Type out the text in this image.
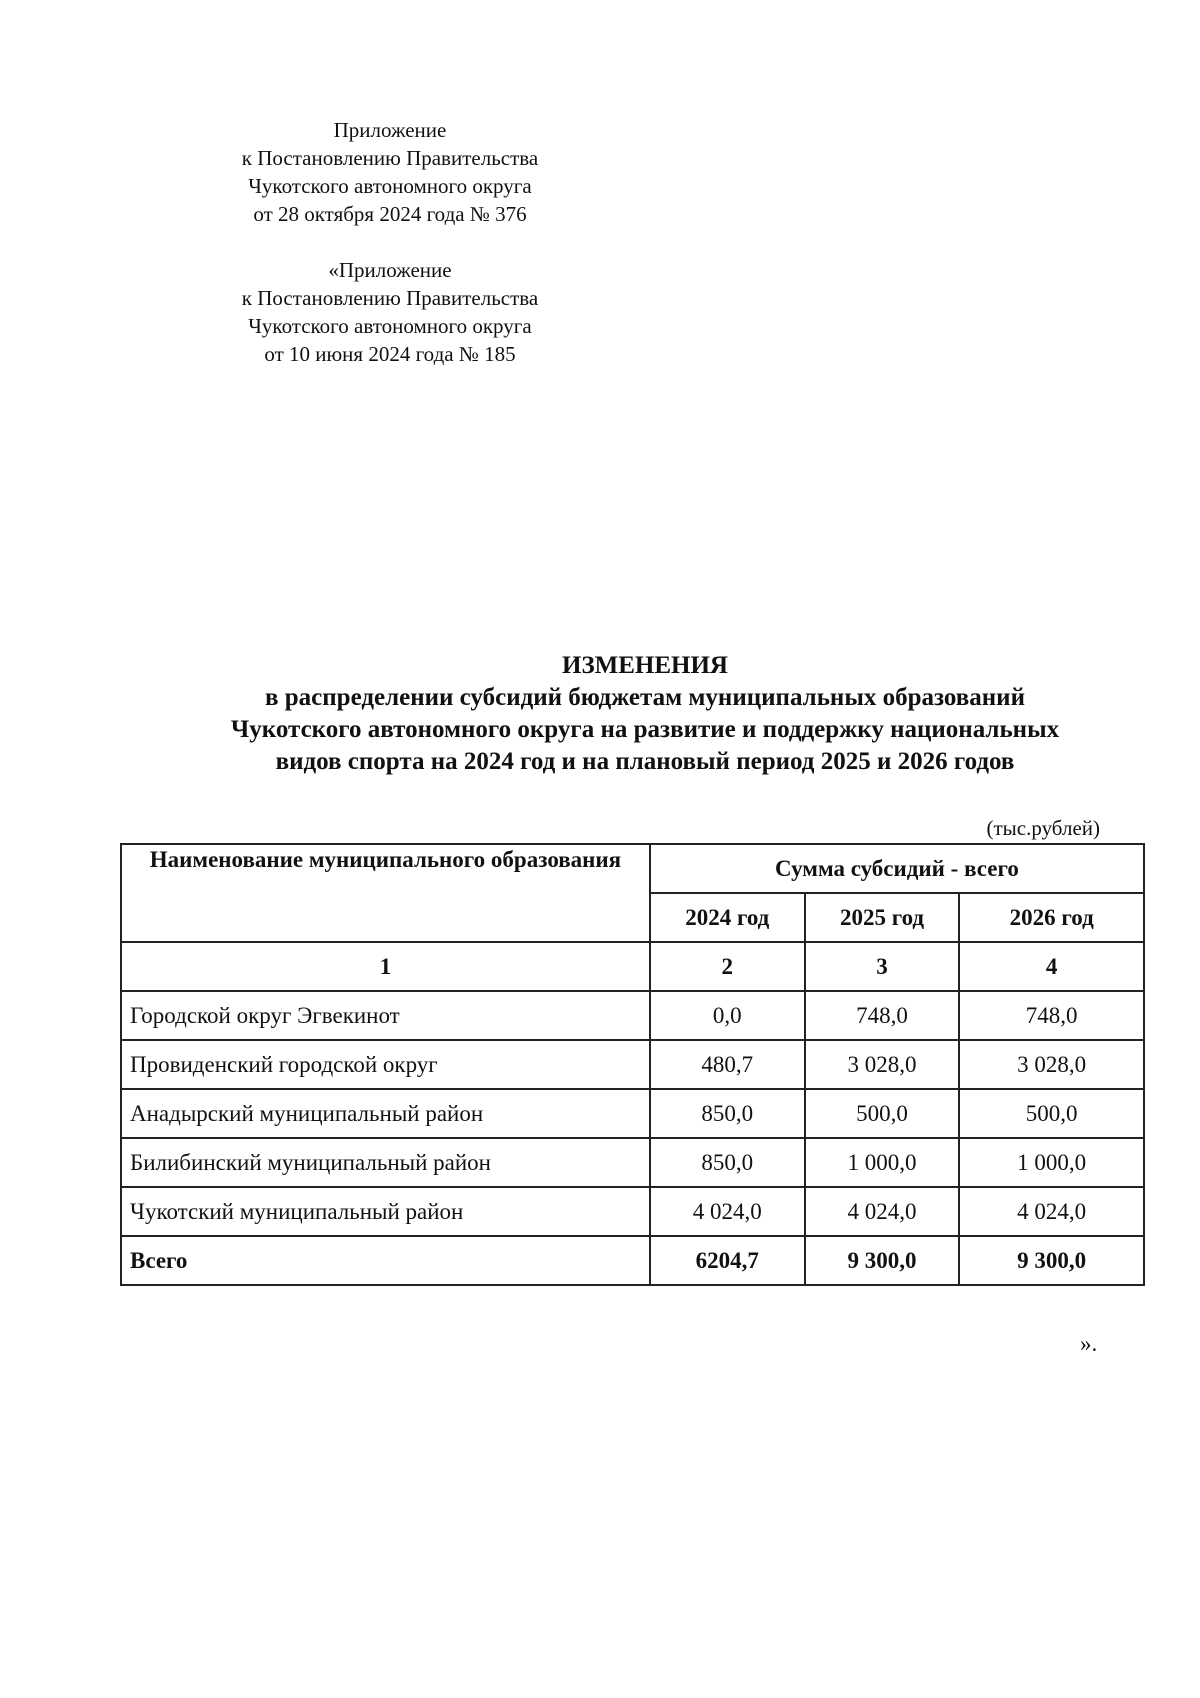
Приложение
к Постановлению Правительства
Чукотского автономного округа
от 28 октября 2024 года № 376
«Приложение
к Постановлению Правительства
Чукотского автономного округа
от 10 июня 2024 года № 185
ИЗМЕНЕНИЯ
в распределении субсидий бюджетам муниципальных образований
Чукотского автономного округа на развитие и поддержку национальных
видов спорта на 2024 год и на плановый период 2025 и 2026 годов
(тыс.рублей)
Наименование муниципального образования	Сумма субсидий - всего		
	2024 год	2025 год	2026 год
1	2	3	4
Городской округ Эгвекинот	0,0	748,0	748,0
Провиденский городской округ	480,7	3 028,0	3 028,0
Анадырский муниципальный район	850,0	500,0	500,0
Билибинский муниципальный район	850,0	1 000,0	1 000,0
Чукотский муниципальный район	4 024,0	4 024,0	4 024,0
Всего	6204,7	9 300,0	9 300,0
».
